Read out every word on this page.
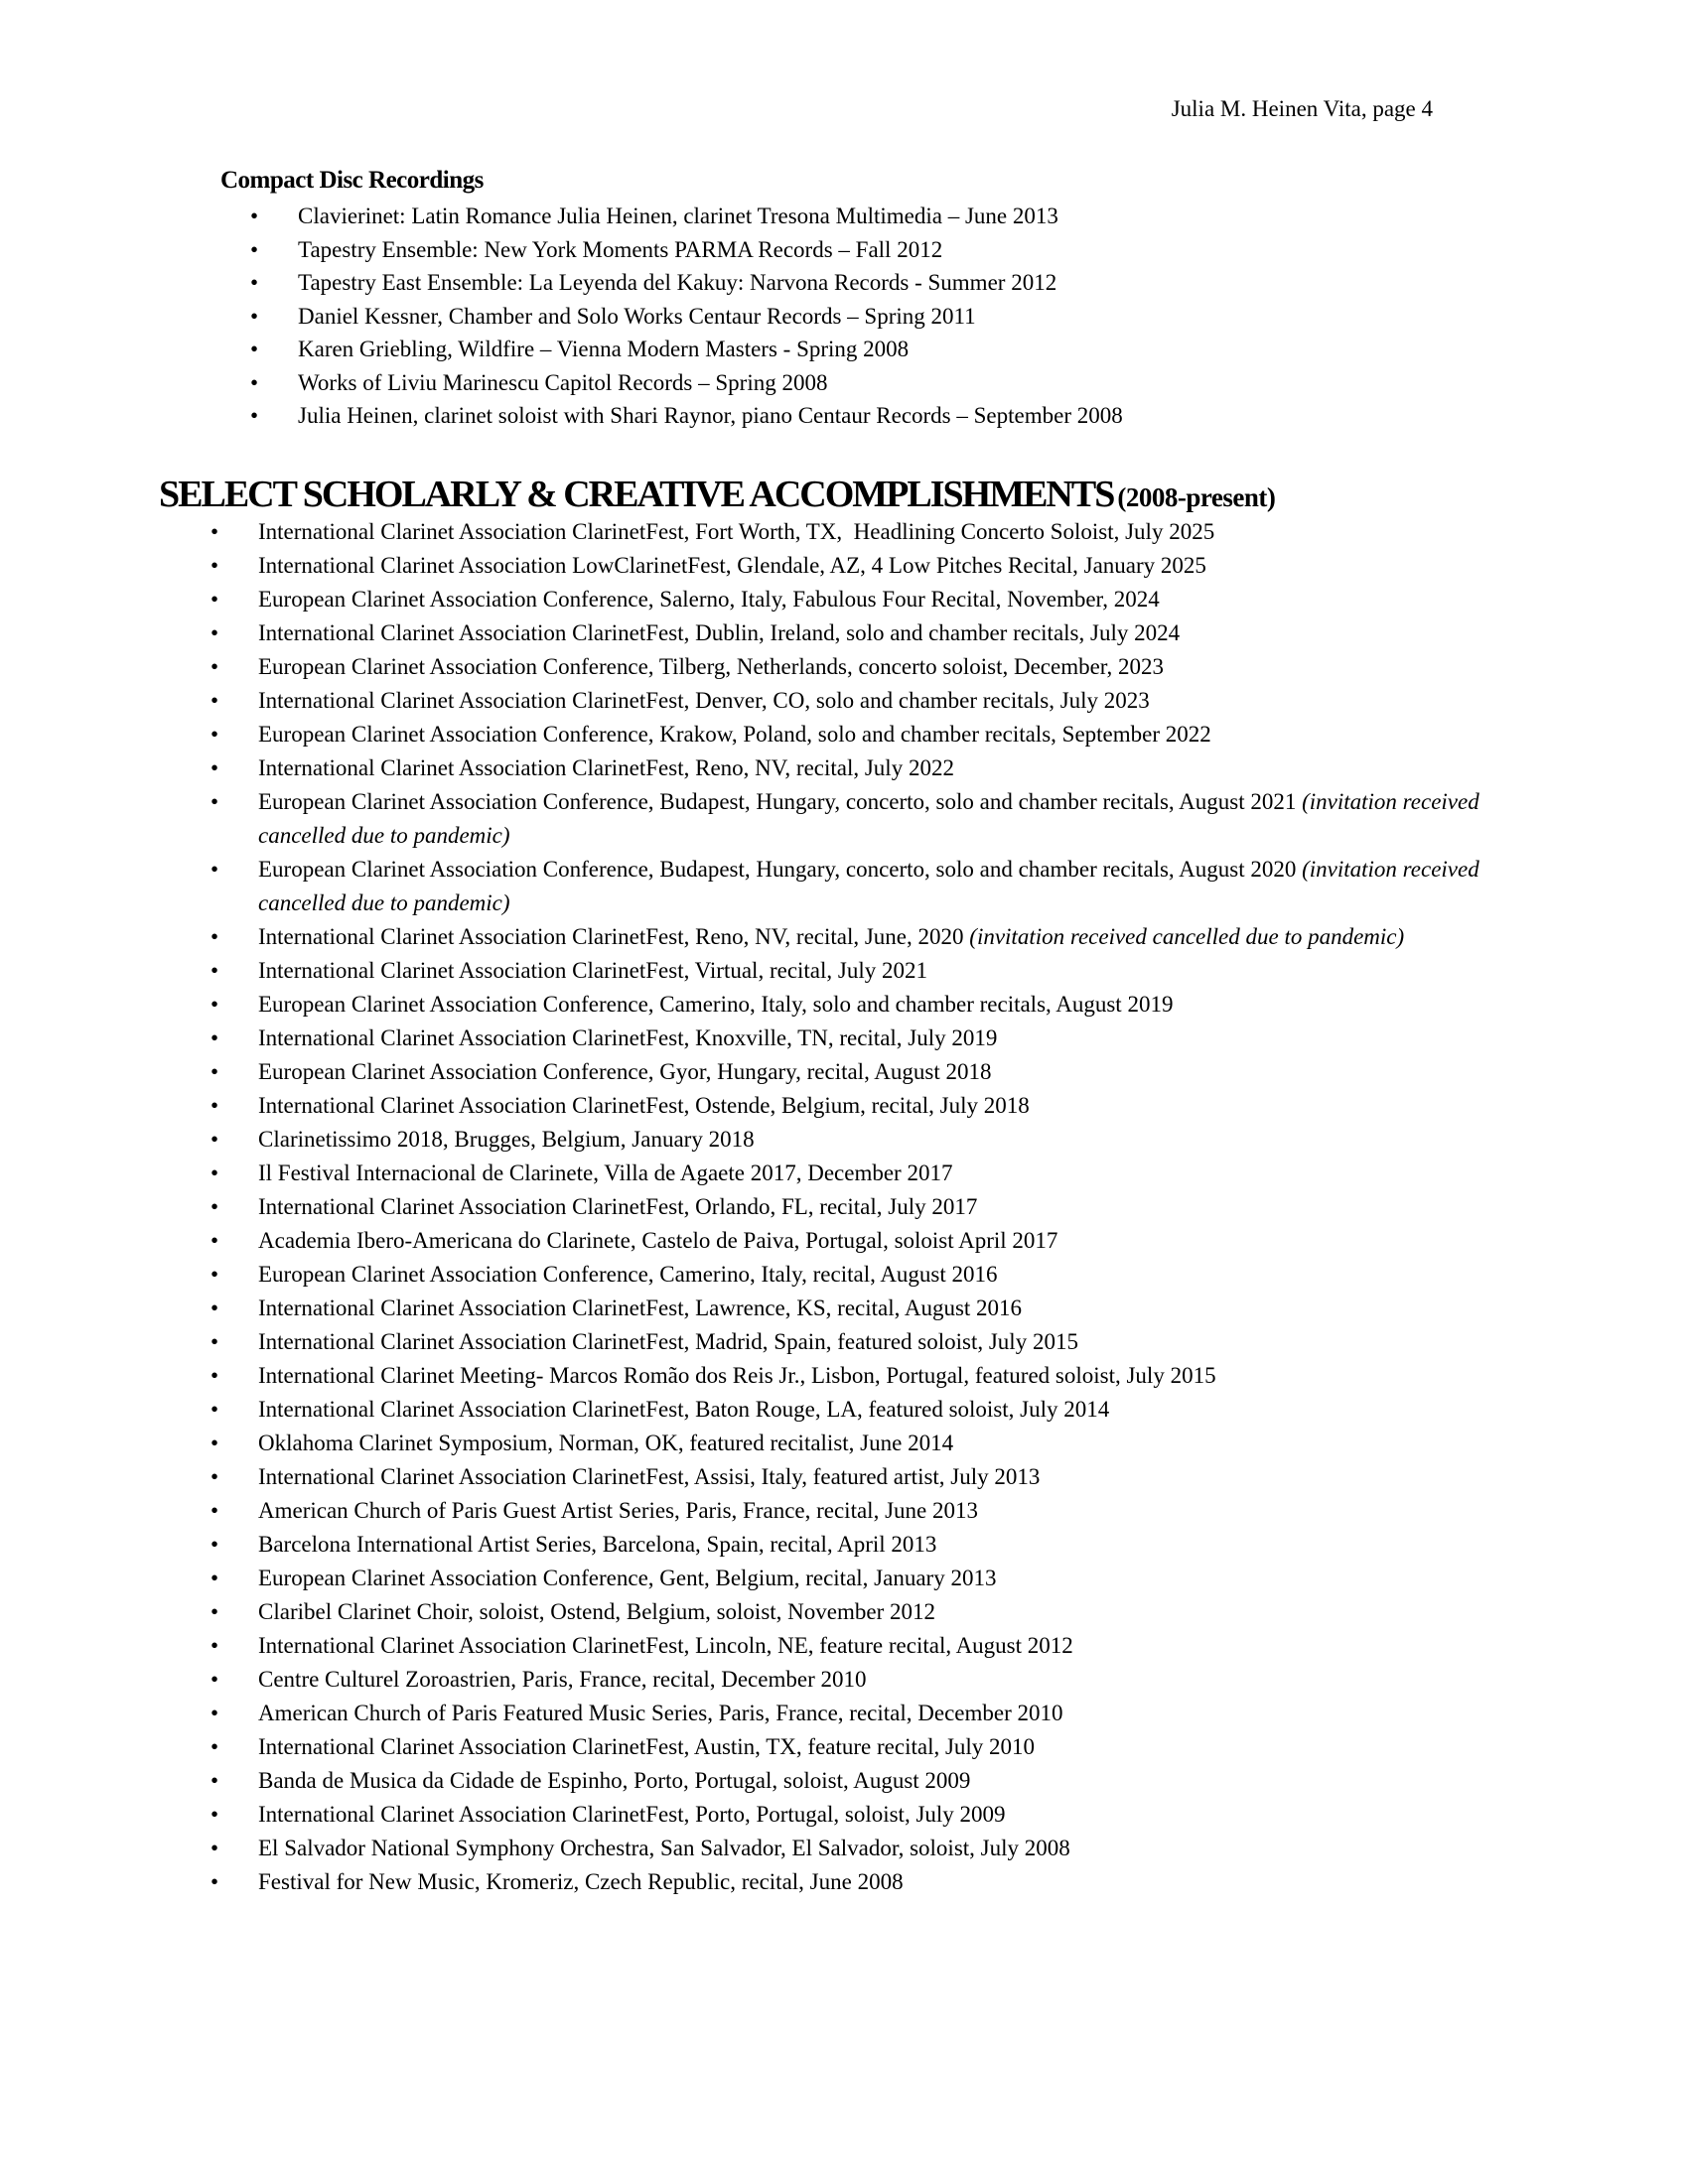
Julia M. Heinen Vita, page 4
Compact Disc Recordings
• Clavierinet: Latin Romance Julia Heinen, clarinet Tresona Multimedia – June 2013
• Tapestry Ensemble: New York Moments PARMA Records – Fall 2012
• Tapestry East Ensemble: La Leyenda del Kakuy: Narvona Records - Summer 2012
• Daniel Kessner, Chamber and Solo Works Centaur Records – Spring 2011
• Karen Griebling, Wildfire – Vienna Modern Masters - Spring 2008
• Works of Liviu Marinescu Capitol Records – Spring 2008
• Julia Heinen, clarinet soloist with Shari Raynor, piano Centaur Records – September 2008
SELECT SCHOLARLY & CREATIVE ACCOMPLISHMENTS (2008-present)
• International Clarinet Association ClarinetFest, Fort Worth, TX,  Headlining Concerto Soloist, July 2025
• International Clarinet Association LowClarinetFest, Glendale, AZ, 4 Low Pitches Recital, January 2025
• European Clarinet Association Conference, Salerno, Italy, Fabulous Four Recital, November, 2024
• International Clarinet Association ClarinetFest, Dublin, Ireland, solo and chamber recitals, July 2024
• European Clarinet Association Conference, Tilberg, Netherlands, concerto soloist, December, 2023
• International Clarinet Association ClarinetFest, Denver, CO, solo and chamber recitals, July 2023
• European Clarinet Association Conference, Krakow, Poland, solo and chamber recitals, September 2022
• International Clarinet Association ClarinetFest, Reno, NV, recital, July 2022
• European Clarinet Association Conference, Budapest, Hungary, concerto, solo and chamber recitals, August 2021 (invitation received cancelled due to pandemic)
• European Clarinet Association Conference, Budapest, Hungary, concerto, solo and chamber recitals, August 2020 (invitation received cancelled due to pandemic)
• International Clarinet Association ClarinetFest, Reno, NV, recital, June, 2020 (invitation received cancelled due to pandemic)
• International Clarinet Association ClarinetFest, Virtual, recital, July 2021
• European Clarinet Association Conference, Camerino, Italy, solo and chamber recitals, August 2019
• International Clarinet Association ClarinetFest, Knoxville, TN, recital, July 2019
• European Clarinet Association Conference, Gyor, Hungary, recital, August 2018
• International Clarinet Association ClarinetFest, Ostende, Belgium, recital, July 2018
• Clarinetissimo 2018, Brugges, Belgium, January 2018
• Il Festival Internacional de Clarinete, Villa de Agaete 2017, December 2017
• International Clarinet Association ClarinetFest, Orlando, FL, recital, July 2017
• Academia Ibero-Americana do Clarinete, Castelo de Paiva, Portugal, soloist April 2017
• European Clarinet Association Conference, Camerino, Italy, recital, August 2016
• International Clarinet Association ClarinetFest, Lawrence, KS, recital, August 2016
• International Clarinet Association ClarinetFest, Madrid, Spain, featured soloist, July 2015
• International Clarinet Meeting- Marcos Romão dos Reis Jr., Lisbon, Portugal, featured soloist, July 2015
• International Clarinet Association ClarinetFest, Baton Rouge, LA, featured soloist, July 2014
• Oklahoma Clarinet Symposium, Norman, OK, featured recitalist, June 2014
• International Clarinet Association ClarinetFest, Assisi, Italy, featured artist, July 2013
• American Church of Paris Guest Artist Series, Paris, France, recital, June 2013
• Barcelona International Artist Series, Barcelona, Spain, recital, April 2013
• European Clarinet Association Conference, Gent, Belgium, recital, January 2013
• Claribel Clarinet Choir, soloist, Ostend, Belgium, soloist, November 2012
• International Clarinet Association ClarinetFest, Lincoln, NE, feature recital, August 2012
• Centre Culturel Zoroastrien, Paris, France, recital, December 2010
• American Church of Paris Featured Music Series, Paris, France, recital, December 2010
• International Clarinet Association ClarinetFest, Austin, TX, feature recital, July 2010
• Banda de Musica da Cidade de Espinho, Porto, Portugal, soloist, August 2009
• International Clarinet Association ClarinetFest, Porto, Portugal, soloist, July 2009
• El Salvador National Symphony Orchestra, San Salvador, El Salvador, soloist, July 2008
• Festival for New Music, Kromeriz, Czech Republic, recital, June 2008
